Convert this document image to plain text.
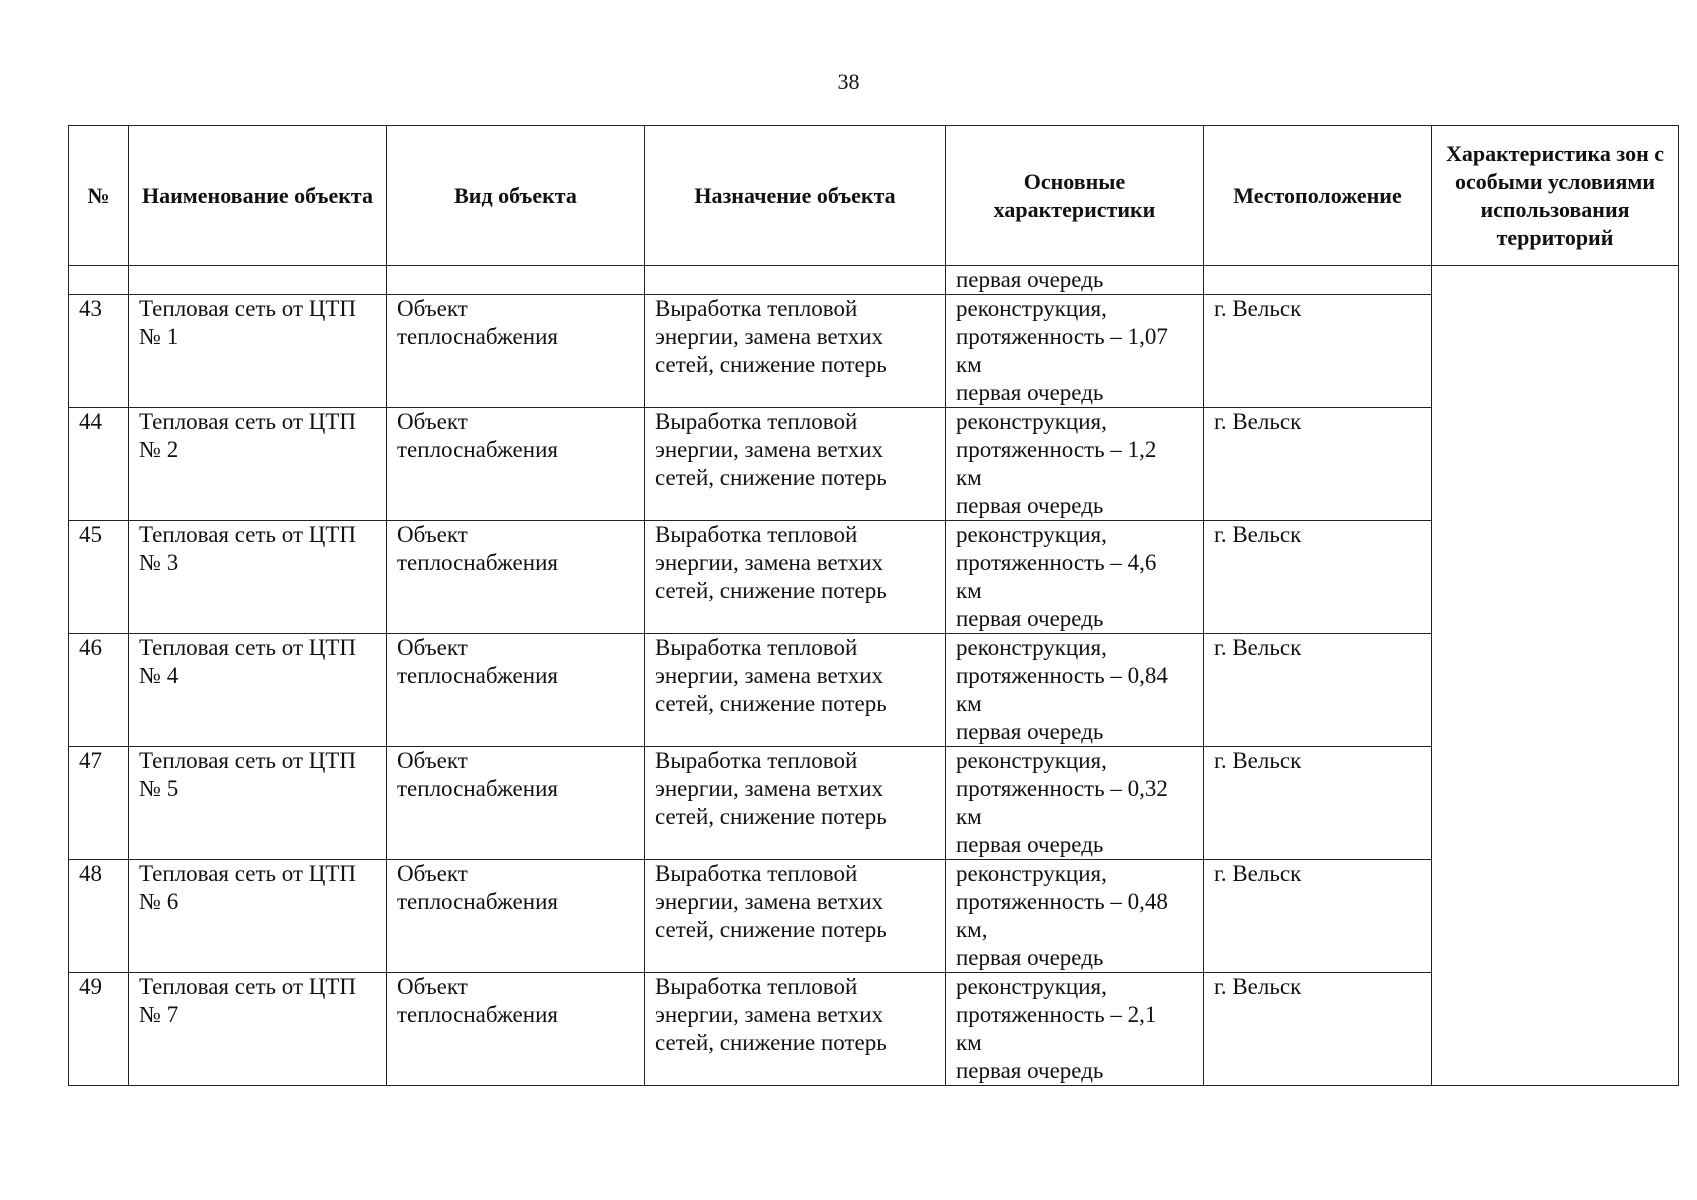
38
№	Наименование объекта	Вид объекта	Назначение объекта	Основные характеристики	Местоположение	Характеристика зон с особыми условиями использования территорий
				первая очередь		
43	Тепловая сеть от ЦТП № 1	Объект теплоснабжения	Выработка тепловой энергии, замена ветхих сетей, снижение потерь	реконструкция,
протяженность – 1,07
км
первая очередь	г. Вельск	
44	Тепловая сеть от ЦТП № 2	Объект теплоснабжения	Выработка тепловой энергии, замена ветхих сетей, снижение потерь	реконструкция,
протяженность – 1,2
км
первая очередь	г. Вельск	
45	Тепловая сеть от ЦТП № 3	Объект теплоснабжения	Выработка тепловой энергии, замена ветхих сетей, снижение потерь	реконструкция,
протяженность – 4,6
км
первая очередь	г. Вельск	
46	Тепловая сеть от ЦТП № 4	Объект теплоснабжения	Выработка тепловой энергии, замена ветхих сетей, снижение потерь	реконструкция,
протяженность – 0,84
км
первая очередь	г. Вельск	
47	Тепловая сеть от ЦТП № 5	Объект теплоснабжения	Выработка тепловой энергии, замена ветхих сетей, снижение потерь	реконструкция,
протяженность – 0,32
км
первая очередь	г. Вельск	
48	Тепловая сеть от ЦТП № 6	Объект теплоснабжения	Выработка тепловой энергии, замена ветхих сетей, снижение потерь	реконструкция,
протяженность – 0,48
км,
первая очередь	г. Вельск	
49	Тепловая сеть от ЦТП № 7	Объект теплоснабжения	Выработка тепловой энергии, замена ветхих сетей, снижение потерь	реконструкция,
протяженность – 2,1
км
первая очередь	г. Вельск	
